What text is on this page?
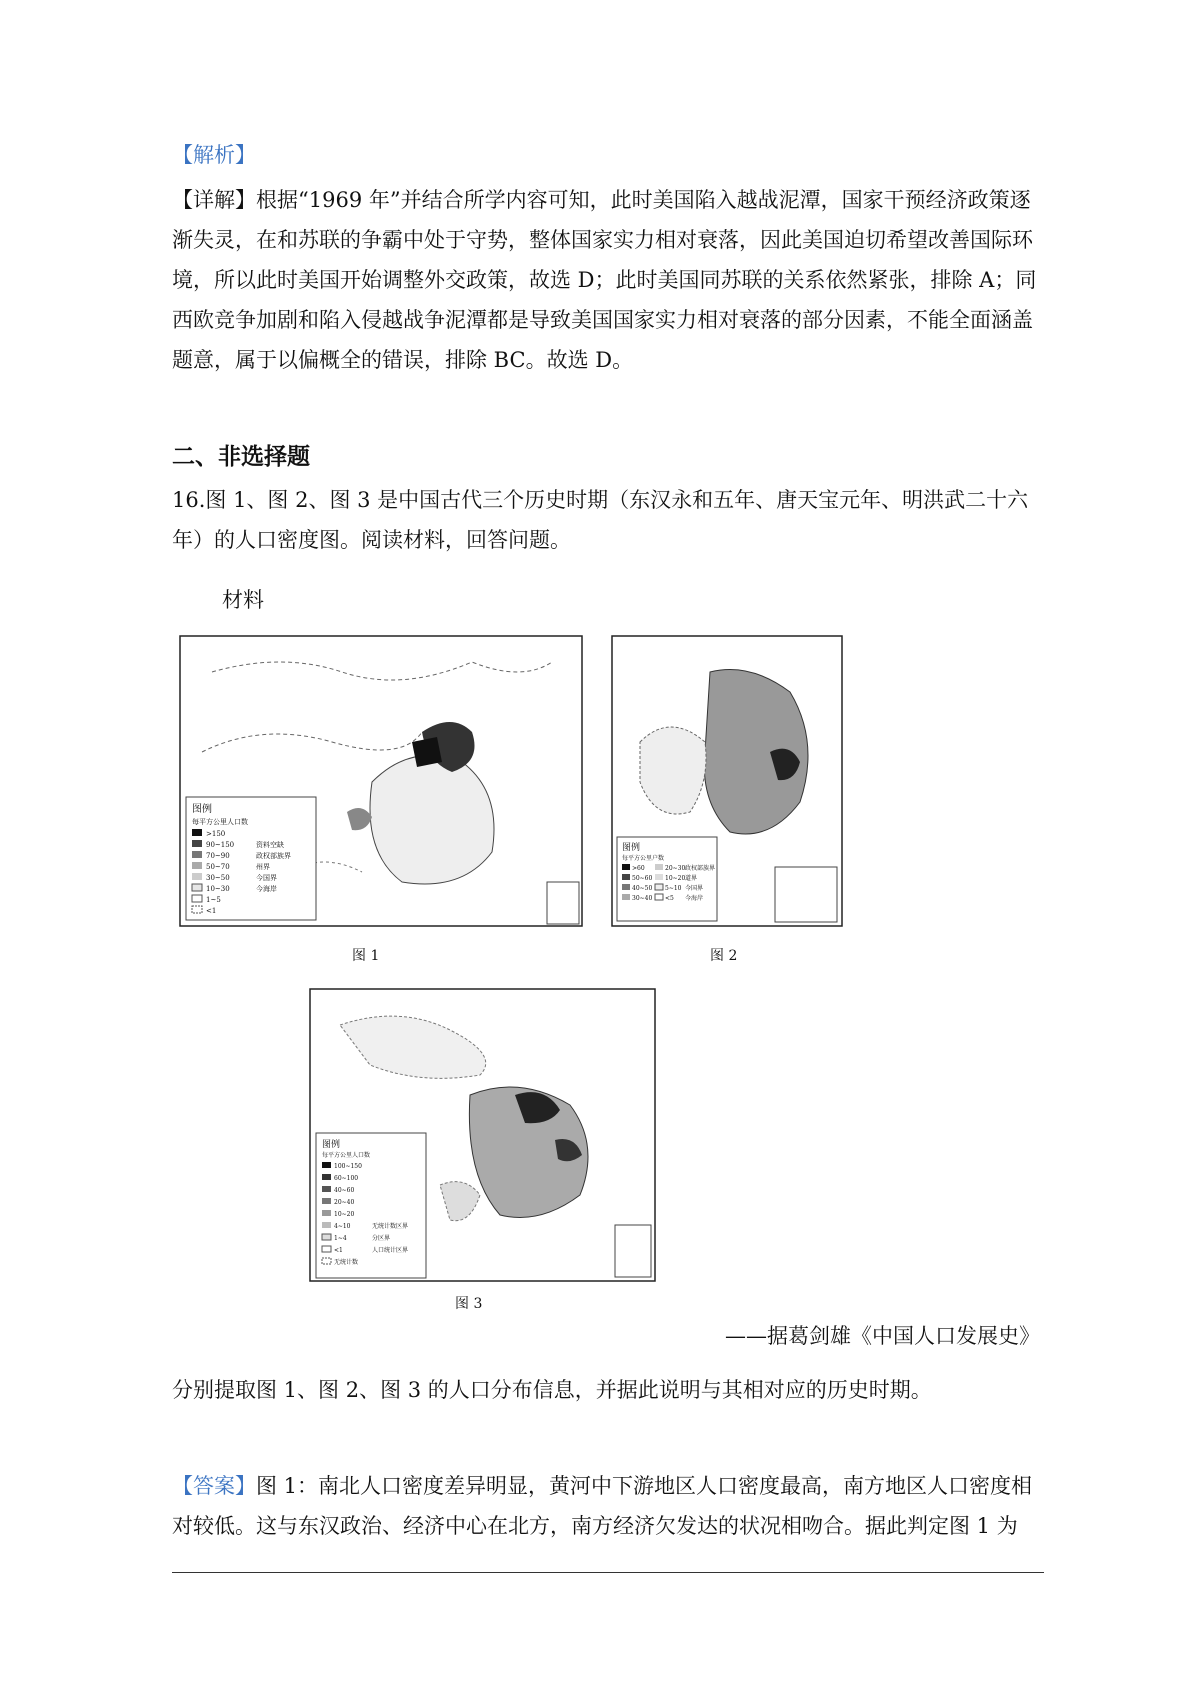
【解析】

【详解】根据“1969 年”并结合所学内容可知，此时美国陷入越战泥潭，国家干预经济政策逐渐失灵，在和苏联的争霸中处于守势，整体国家实力相对衰落，因此美国迫切希望改善国际环境，所以此时美国开始调整外交政策，故选 D；此时美国同苏联的关系依然紧张，排除 A；同西欧竞争加剧和陷入侵越战争泥潭都是导致美国国家实力相对衰落的部分因素，不能全面涵盖题意，属于以偏概全的错误，排除 BC。故选 D。

二、非选择题

16.图 1、图 2、图 3 是中国古代三个历史时期（东汉永和五年、唐天宝元年、明洪武二十六年）的人口密度图。阅读材料，回答问题。

材料

图例
每平方公里人口数
>150
90~150
70~90
50~70
30~50
10~30
1~5
<1
资料空缺
政权部族界
州界
今国界
今海岸
图 1
图例
每平方公里户数
>60
50~60
40~50
30~40
20~30
10~20
5~10
<5
政权部族界
道界
今国界
今海岸
图 2
图例
每平方公里人口数
100~150
60~100
40~60
20~40
10~20
4~10
1~4
<1
无统计数
无统计数区界
分区界
人口统计区界
图 3
——据葛剑雄《中国人口发展史》

分别提取图 1、图 2、图 3 的人口分布信息，并据此说明与其相对应的历史时期。

【答案】图 1：南北人口密度差异明显，黄河中下游地区人口密度最高，南方地区人口密度相对较低。这与东汉政治、经济中心在北方，南方经济欠发达的状况相吻合。据此判定图 1 为
